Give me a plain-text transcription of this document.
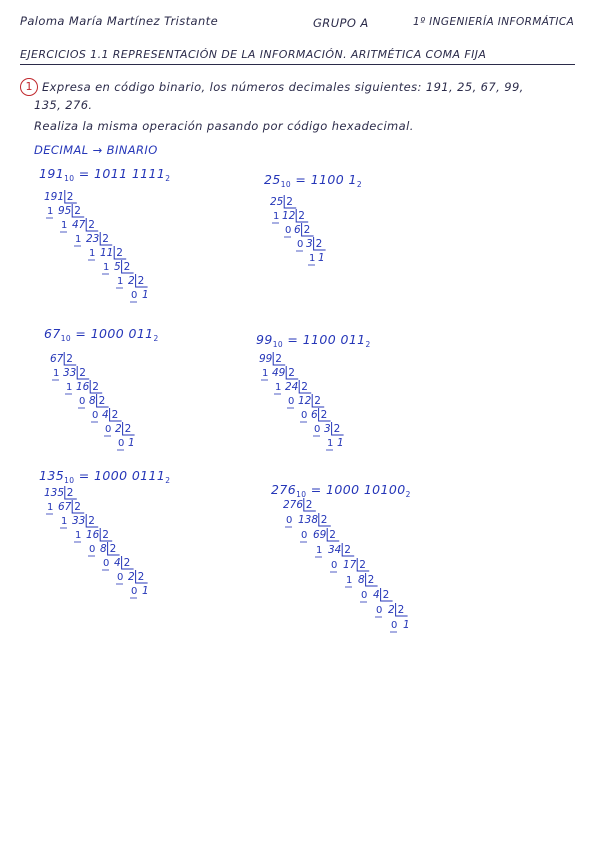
Paloma María Martínez Tristante	GRUPO A	1º INGENIERÍA INFORMÁTICA
EJERCICIOS 1.1 REPRESENTACIÓN DE LA INFORMACIÓN. ARITMÉTICA COMA FIJA
1 Expresa en código binario, los números decimales siguientes: 191, 25, 67, 99,
135, 276.
Realiza la misma operación pasando por código hexadecimal.
DECIMAL → BINARIO
$191_{10} = 1011$ $1111_2$	$25_{10} = 1100$ $1_2$
$67_{10} = 1000$ $011_2$	$99_{10} = 1100$ $011_2$
$135_{10} = 1000$ $0111_2$
$276_{10} = 1000$ $10100_2$
191 2
1 95 2
1 47 2
1 23 2
1 11 2
1 5 2
1 2 2
0 1
25 2
1 12 2
0 6 2
0 3 2
1 1
67 2
1 33 2
1 16 2
0 8 2
0 4 2
0 2 2
0 1
99 2
1 49 2
1 24 2
0 12 2
0 6 2
0 3 2
1 1
135 2
1 67 2
1 33 2
1 16 2
0 8 2
0 4 2
0 2 2
0 1
276 2
0 138 2
0 69 2
1 34 2
0 17 2
1 8 2
0 4 2
0 2 2
0 1
